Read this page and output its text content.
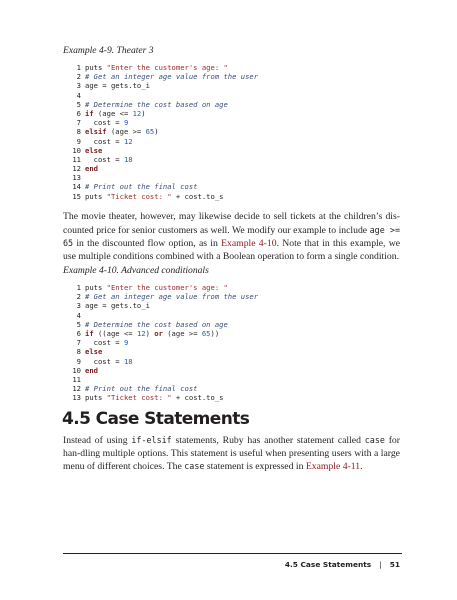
Example 4-9. Theater 3
1 puts "Enter the customer's age: "
2 # Get an integer age value from the user
3 age = gets.to_i
4
5 # Determine the cost based on age
6 if (age <= 12)
7  cost = 9
8 elsif (age >= 65)
9  cost = 12
10 else
11  cost = 18
12 end
13
14 # Print out the final cost
15 puts "Ticket cost: " + cost.to_s

The movie theater, however, may likewise decide to sell tickets at the children’s dis‐counted price for senior customers as well. We modify our example to include age >= 65 in the discounted flow option, as in Example 4-10. Note that in this example, we use multiple conditions combined with a Boolean operation to form a single condition.

Example 4-10. Advanced conditionals
1 puts "Enter the customer's age: "
2 # Get an integer age value from the user
3 age = gets.to_i
4
5 # Determine the cost based on age
6 if ((age <= 12) or (age >= 65))
7  cost = 9
8 else
9  cost = 18
10 end
11
12 # Print out the final cost
13 puts "Ticket cost: " + cost.to_s
4.5 Case Statements

Instead of using if-elsif statements, Ruby has another statement called case for han‐dling multiple options. This statement is useful when presenting users with a large menu of different choices. The case statement is expressed in Example 4-11.

4.5 Case Statements | 51
